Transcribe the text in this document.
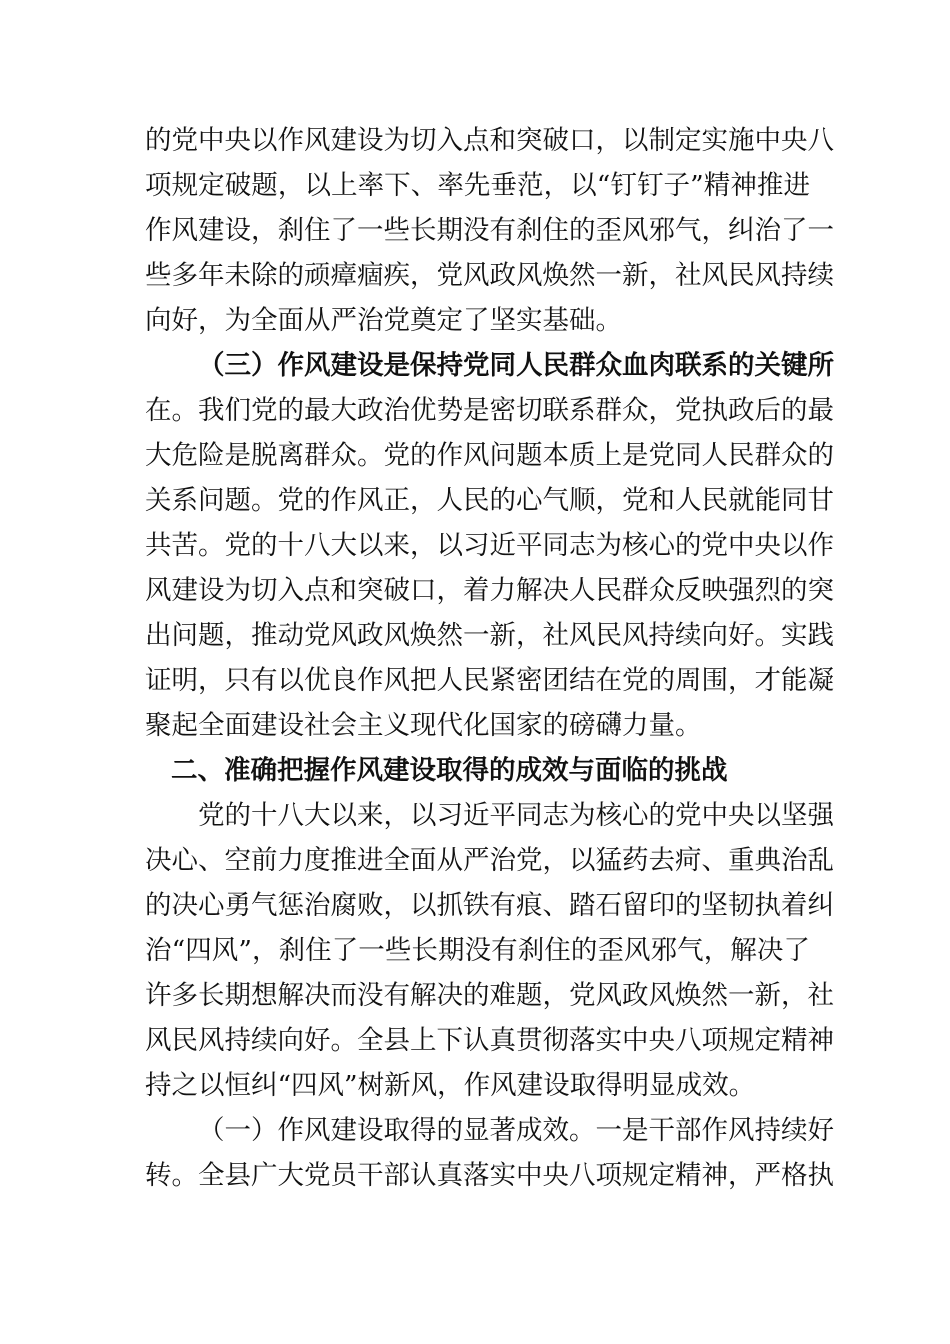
的党中央以作风建设为切入点和突破口，以制定实施中央八
项规定破题，以上率下、率先垂范，以“钉钉子”精神推进
作风建设，刹住了一些长期没有刹住的歪风邪气，纠治了一
些多年未除的顽瘴痼疾，党风政风焕然一新，社风民风持续
向好，为全面从严治党奠定了坚实基础。
（三）作风建设是保持党同人民群众血肉联系的关键所
在。我们党的最大政治优势是密切联系群众，党执政后的最
大危险是脱离群众。党的作风问题本质上是党同人民群众的
关系问题。党的作风正，人民的心气顺，党和人民就能同甘
共苦。党的十八大以来，以习近平同志为核心的党中央以作
风建设为切入点和突破口，着力解决人民群众反映强烈的突
出问题，推动党风政风焕然一新，社风民风持续向好。实践
证明，只有以优良作风把人民紧密团结在党的周围，才能凝
聚起全面建设社会主义现代化国家的磅礴力量。
二、准确把握作风建设取得的成效与面临的挑战
党的十八大以来，以习近平同志为核心的党中央以坚强
决心、空前力度推进全面从严治党，以猛药去疴、重典治乱
的决心勇气惩治腐败，以抓铁有痕、踏石留印的坚韧执着纠
治“四风”，刹住了一些长期没有刹住的歪风邪气，解决了
许多长期想解决而没有解决的难题，党风政风焕然一新，社
风民风持续向好。全县上下认真贯彻落实中央八项规定精神
持之以恒纠“四风”树新风，作风建设取得明显成效。
（一）作风建设取得的显著成效。一是干部作风持续好
转。全县广大党员干部认真落实中央八项规定精神，严格执
